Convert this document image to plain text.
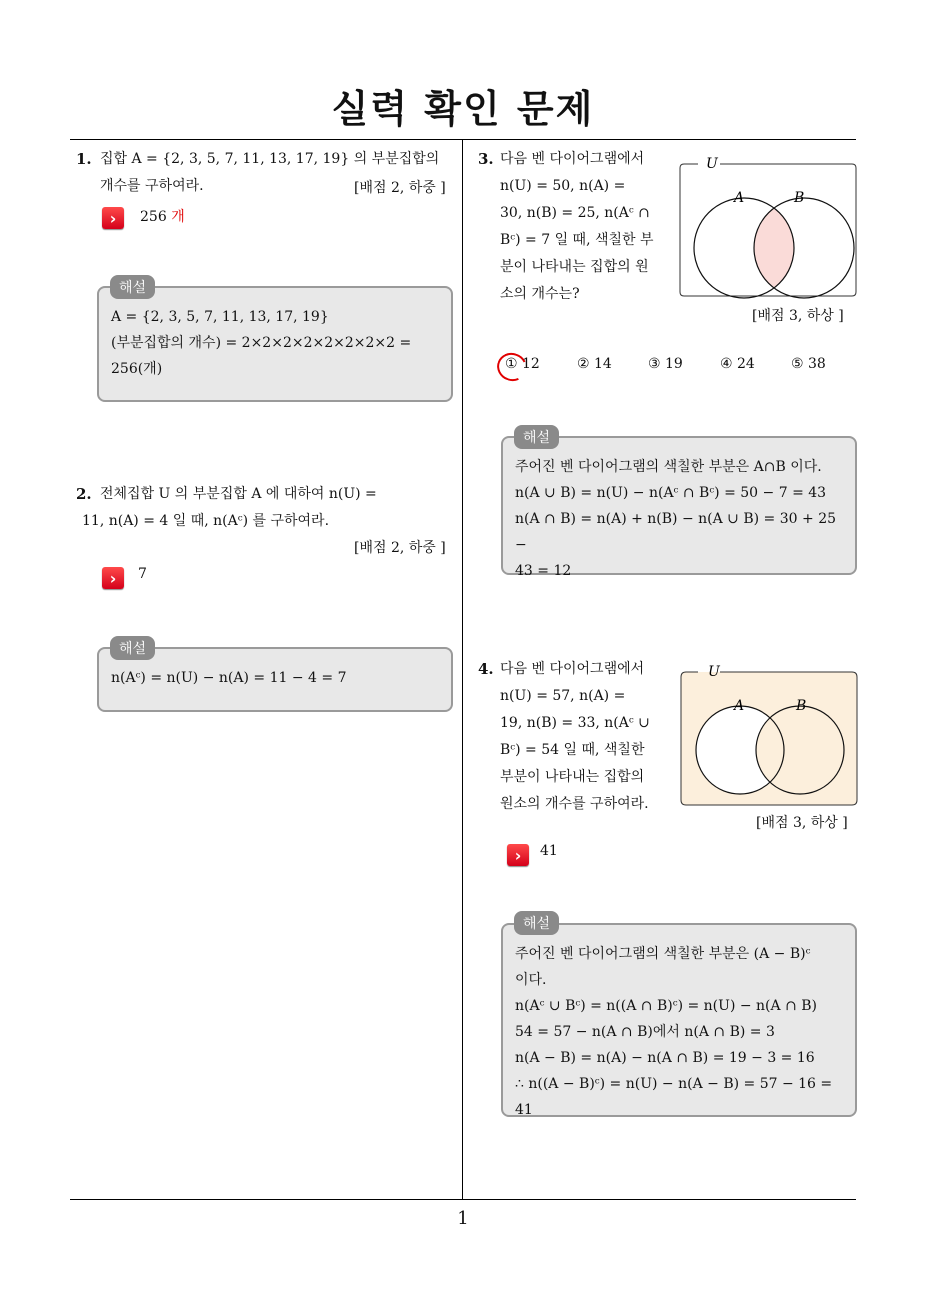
실력 확인 문제
1. 집합 A = {2, 3, 5, 7, 11, 13, 17, 19} 의 부분집합의
개수를 구하여라.	[배점 2, 하중 ]
›	256 개
A = {2, 3, 5, 7, 11, 13, 17, 19}
(부분집합의 개수) = 2×2×2×2×2×2×2×2 =
256(개)
해설
2. 전체집합 U 의 부분집합 A 에 대하여 n(U) =
11, n(A) = 4 일 때, n(Aᶜ) 를 구하여라.
[배점 2, 하중 ]
›	7
n(Aᶜ) = n(U) − n(A) = 11 − 4 = 7
해설
3. 다음 벤 다이어그램에서
n(U) = 50, n(A) =
30, n(B) = 25, n(Aᶜ ∩
Bᶜ) = 7 일 때, 색칠한 부
분이 나타내는 집합의 원
소의 개수는?
U
A	B
[배점 3, 하상 ]
① 12	② 14	③ 19	④ 24	⑤ 38
주어진 벤 다이어그램의 색칠한 부분은 A∩B 이다.
n(A ∪ B) = n(U) − n(Aᶜ ∩ Bᶜ) = 50 − 7 = 43
n(A ∩ B) = n(A) + n(B) − n(A ∪ B) = 30 + 25 −
43 = 12
해설
4. 다음 벤 다이어그램에서
n(U) = 57, n(A) =
19, n(B) = 33, n(Aᶜ ∪
Bᶜ) = 54 일 때, 색칠한
부분이 나타내는 집합의
원소의 개수를 구하여라.
U
A	B
[배점 3, 하상 ]
›	41
주어진 벤 다이어그램의 색칠한 부분은 (A − B)ᶜ
이다.
n(Aᶜ ∪ Bᶜ) = n((A ∩ B)ᶜ) = n(U) − n(A ∩ B)
54 = 57 − n(A ∩ B)에서 n(A ∩ B) = 3
n(A − B) = n(A) − n(A ∩ B) = 19 − 3 = 16
∴ n((A − B)ᶜ) = n(U) − n(A − B) = 57 − 16 = 41
해설
1
